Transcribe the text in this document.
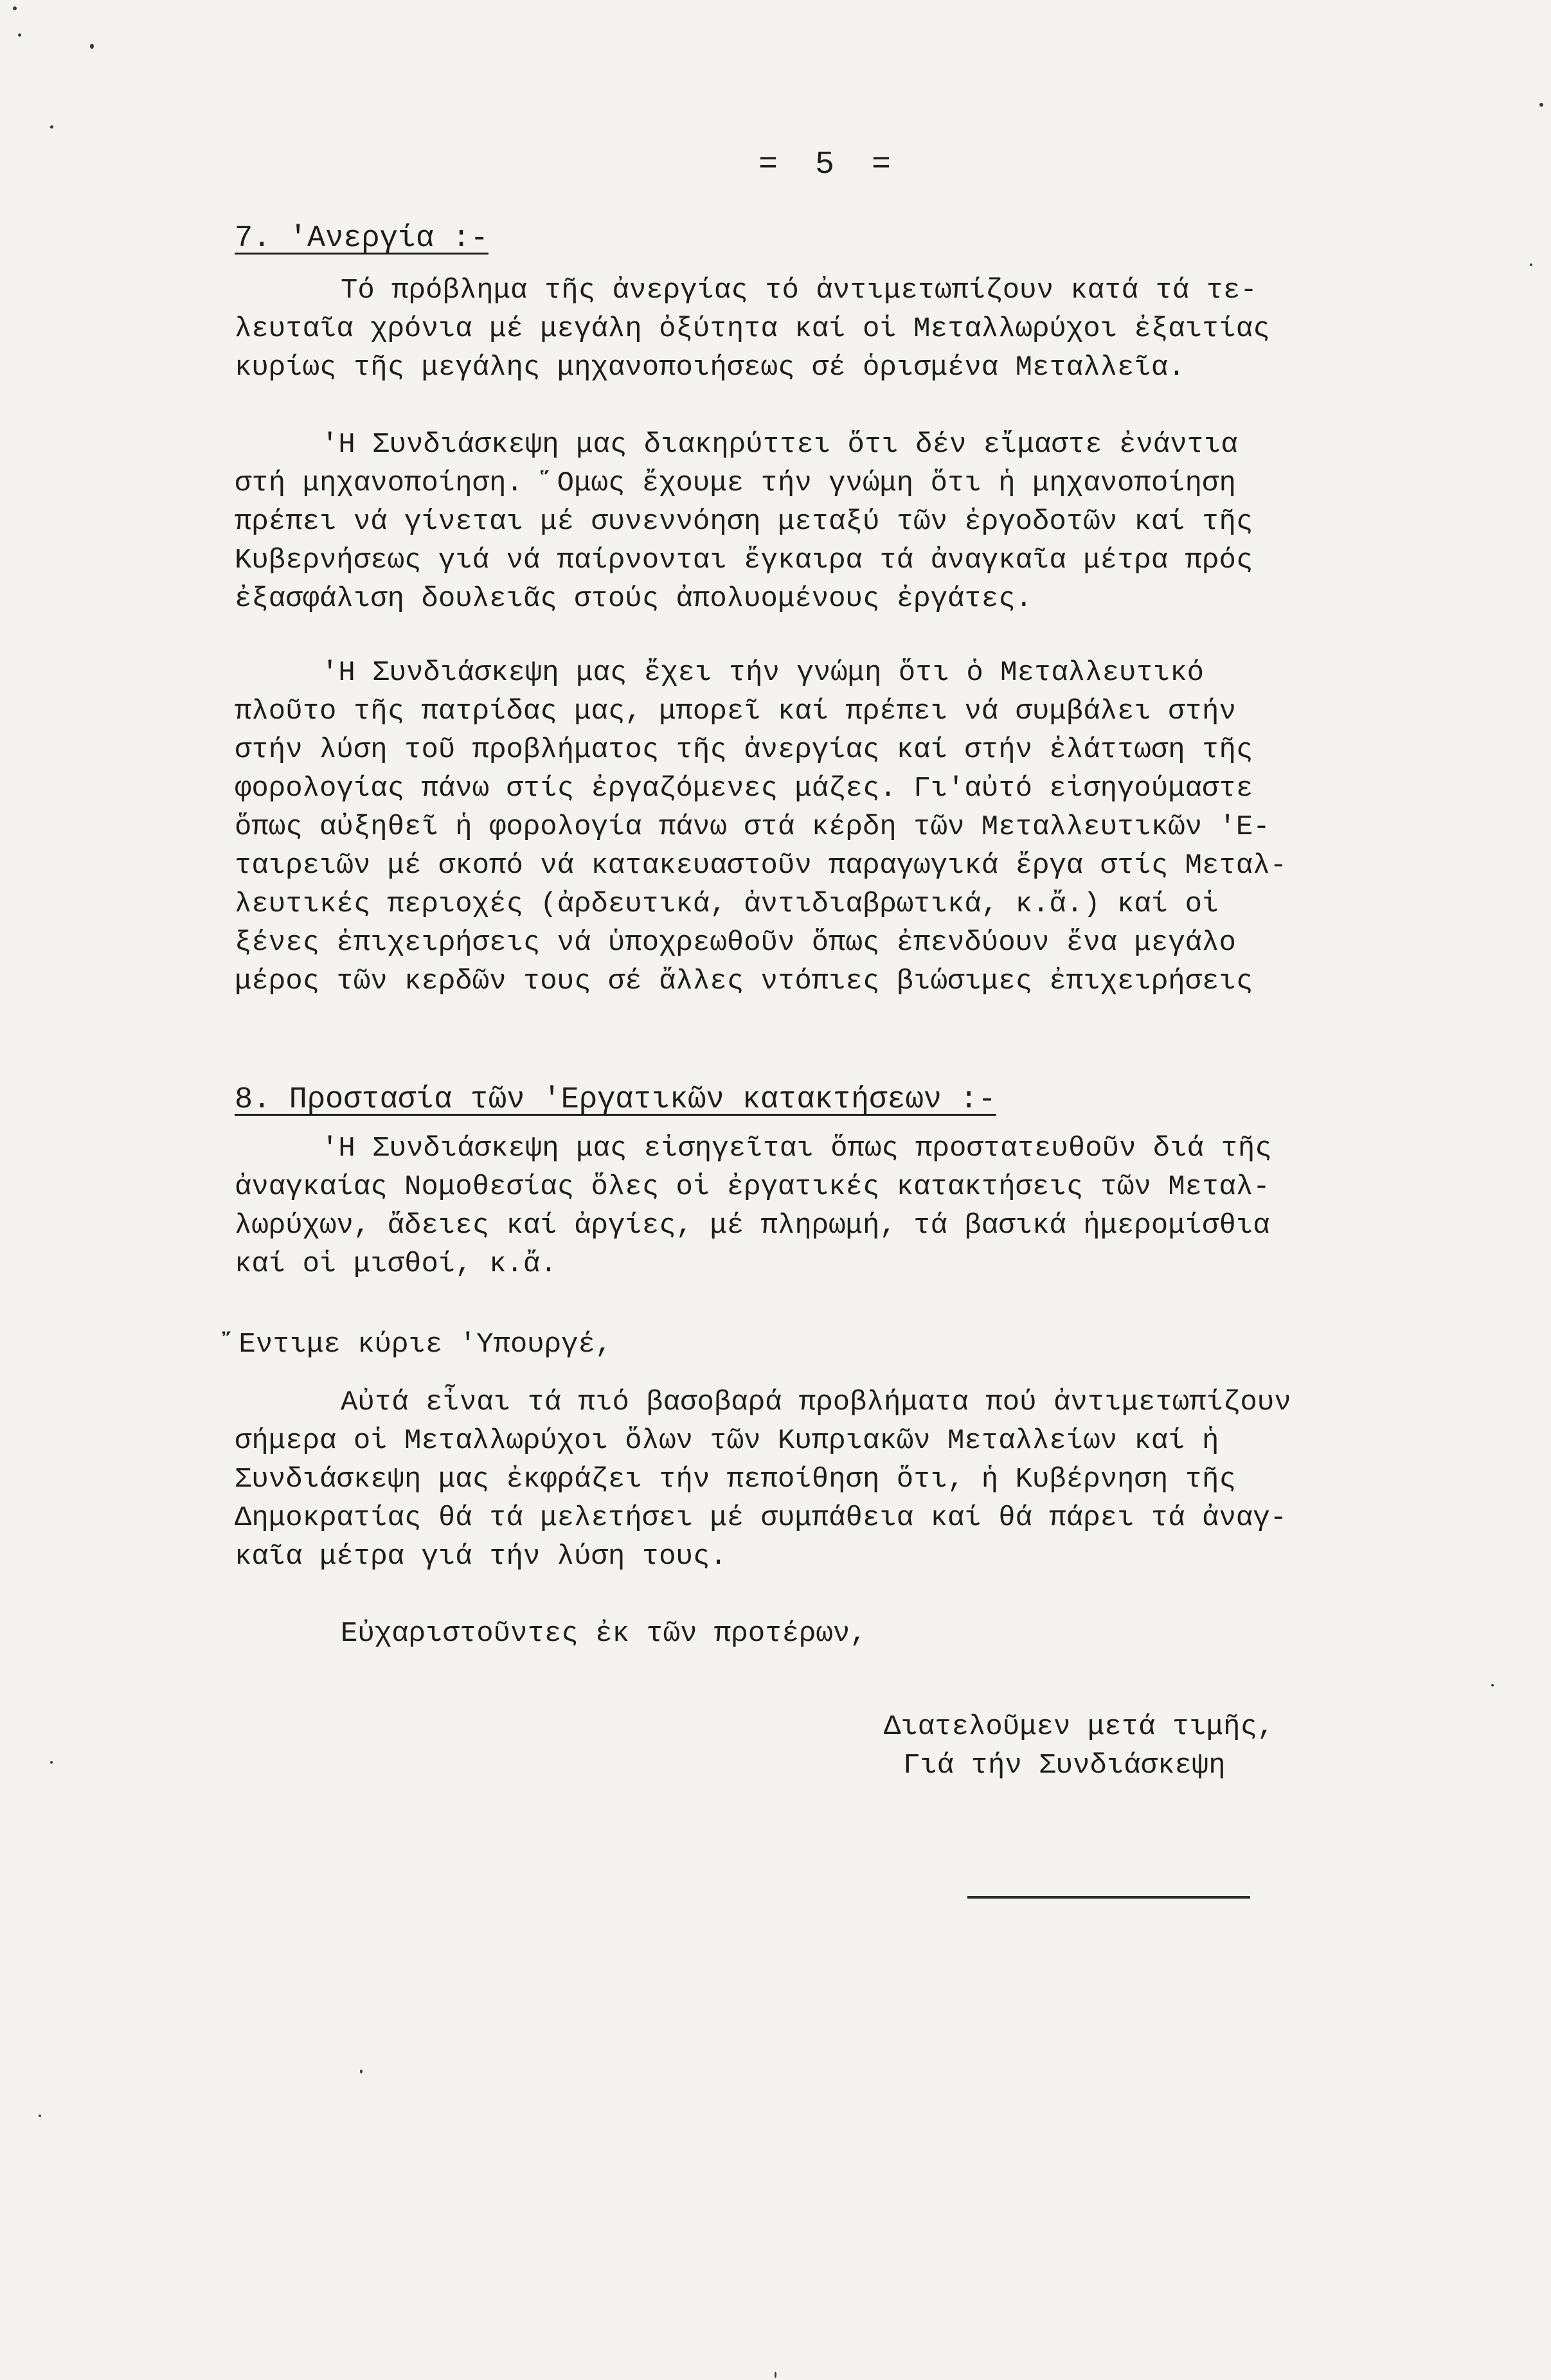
= 5 =
7. 'Ανεργία :-
Τό πρόβλημα τῆς ἀνεργίας τό ἀντιμετωπίζουν κατά τά τε-
λευταῖα χρόνια μέ μεγάλη ὀξύτητα καί οἱ Μεταλλωρύχοι ἐξαιτίας
κυρίως τῆς μεγάλης μηχανοποιήσεως σέ ὁρισμένα Μεταλλεῖα.
'Η Συνδιάσκεψη μας διακηρύττει ὅτι δέν εἴμαστε ἐνάντια
στή μηχανοποίηση. ῞Ομως ἔχουμε τήν γνώμη ὅτι ἡ μηχανοποίηση
πρέπει νά γίνεται μέ συνεννόηση μεταξύ τῶν ἐργοδοτῶν καί τῆς
Κυβερνήσεως γιά νά παίρνονται ἔγκαιρα τά ἀναγκαῖα μέτρα πρός
ἐξασφάλιση δουλειᾶς στούς ἀπολυομένους ἐργάτες.
'Η Συνδιάσκεψη μας ἔχει τήν γνώμη ὅτι ὁ Μεταλλευτικό
πλοῦτο τῆς πατρίδας μας, μπορεῖ καί πρέπει νά συμβάλει στήν
στήν λύση τοῦ προβλήματος τῆς ἀνεργίας καί στήν ἐλάττωση τῆς
φορολογίας πάνω στίς ἐργαζόμενες μάζες. Γι'αὐτό εἰσηγούμαστε
ὅπως αὐξηθεῖ ἡ φορολογία πάνω στά κέρδη τῶν Μεταλλευτικῶν 'Ε-
ταιρειῶν μέ σκοπό νά κατακευαστοῦν παραγωγικά ἔργα στίς Μεταλ-
λευτικές περιοχές (ἀρδευτικά, ἀντιδιαβρωτικά, κ.ἄ.) καί οἱ
ξένες ἐπιχειρήσεις νά ὑποχρεωθοῦν ὅπως ἐπενδύουν ἕνα μεγάλο
μέρος τῶν κερδῶν τους σέ ἄλλες ντόπιες βιώσιμες ἐπιχειρήσεις
8. Προστασία τῶν 'Εργατικῶν κατακτήσεων :-
'Η Συνδιάσκεψη μας εἰσηγεῖται ὅπως προστατευθοῦν διά τῆς
ἀναγκαίας Νομοθεσίας ὅλες οἱ ἐργατικές κατακτήσεις τῶν Μεταλ-
λωρύχων, ἄδειες καί ἀργίες, μέ πληρωμή, τά βασικά ἡμερομίσθια
καί οἱ μισθοί, κ.ἄ.
῎Εντιμε κύριε 'Υπουργέ,
Αὐτά εἶναι τά πιό βασοβαρά προβλήματα πού ἀντιμετωπίζουν
σήμερα οἱ Μεταλλωρύχοι ὅλων τῶν Κυπριακῶν Μεταλλείων καί ἡ
Συνδιάσκεψη μας ἐκφράζει τήν πεποίθηση ὅτι, ἡ Κυβέρνηση τῆς
Δημοκρατίας θά τά μελετήσει μέ συμπάθεια καί θά πάρει τά ἀναγ-
καῖα μέτρα γιά τήν λύση τους.
Εὐχαριστοῦντες ἐκ τῶν προτέρων,
Διατελοῦμεν μετά τιμῆς,
Γιά τήν Συνδιάσκεψη
